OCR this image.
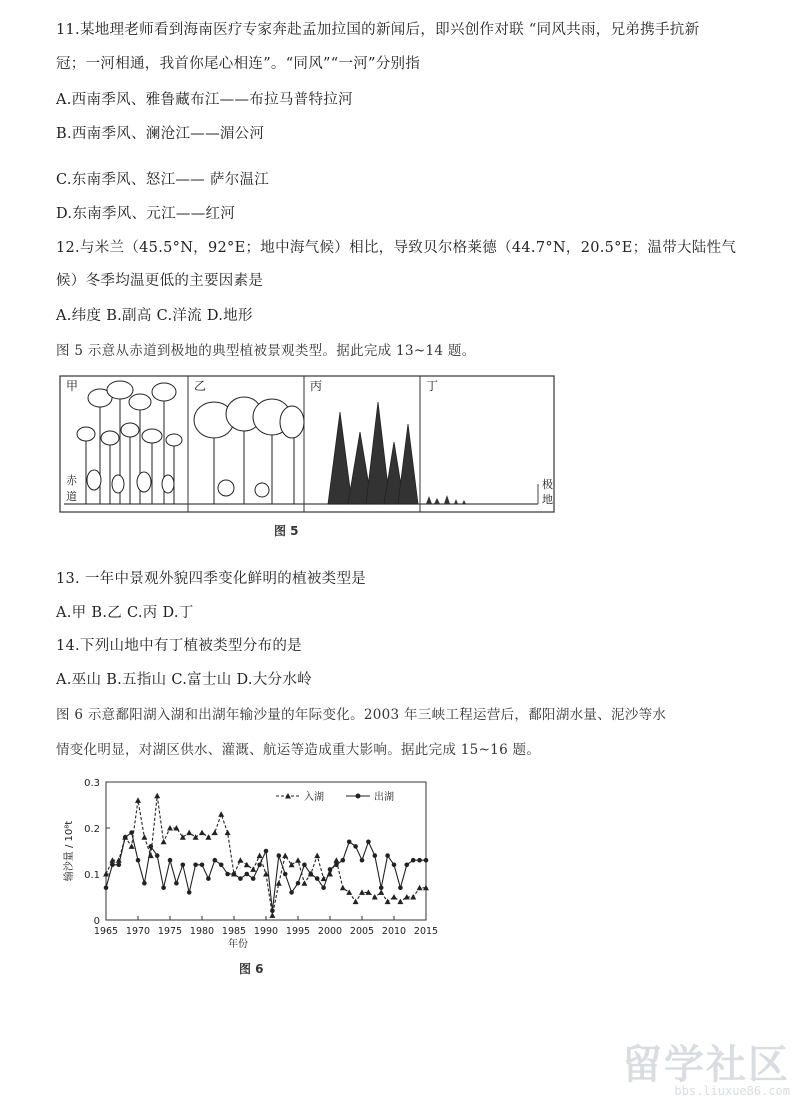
11.某地理老师看到海南医疗专家奔赴孟加拉国的新闻后，即兴创作对联 “同风共雨，兄弟携手抗新
冠；一河相通，我首你尾心相连”。“同风”“一河”分别指
A.西南季风、雅鲁藏布江——布拉马普特拉河
B.西南季风、澜沧江——湄公河
C.东南季风、怒江—— 萨尔温江
D.东南季风、元江——红河
12.与米兰（45.5°N，92°E；地中海气候）相比，导致贝尔格莱德（44.7°N，20.5°E；温带大陆性气
候）冬季均温更低的主要因素是
A.纬度 B.副高 C.洋流 D.地形
图 5 示意从赤道到极地的典型植被景观类型。据此完成 13~14 题。
甲	乙	丙	丁
赤
道
极
地
图 5
13. 一年中景观外貌四季变化鲜明的植被类型是
A.甲 B.乙 C.丙 D.丁
14.下列山地中有丁植被类型分布的是
A.巫山 B.五指山 C.富士山 D.大分水岭
图 6 示意鄱阳湖入湖和出湖年输沙量的年际变化。2003 年三峡工程运营后，鄱阳湖水量、泥沙等水
情变化明显，对湖区供水、灌溉、航运等造成重大影响。据此完成 15~16 题。
0
0.1
0.2
0.3
1965 1970 1975 1980 1985 1990 1995 2000 2005 2010 2015
年份
输沙量 / 10⁸t
入湖	出湖
图 6
留学社区
bbs.liuxue86.com
